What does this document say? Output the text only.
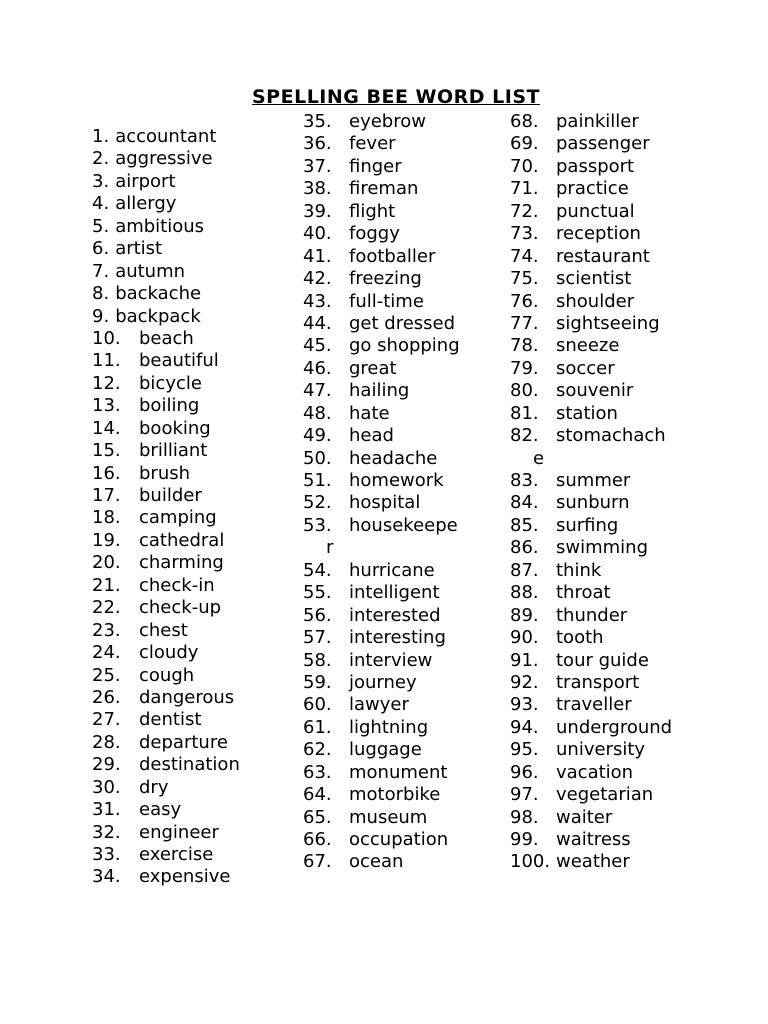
SPELLING BEE WORD LIST
1. accountant
2. aggressive
3. airport
4. allergy
5. ambitious
6. artist
7. autumn
8. backache
9. backpack
10. beach
11. beautiful
12. bicycle
13. boiling
14. booking
15. brilliant
16. brush
17. builder
18. camping
19. cathedral
20. charming
21. check-in
22. check-up
23. chest
24. cloudy
25. cough
26. dangerous
27. dentist
28. departure
29. destination
30. dry
31. easy
32. engineer
33. exercise
34. expensive
35. eyebrow
36. fever
37. finger
38. fireman
39. flight
40. foggy
41. footballer
42. freezing
43. full-time
44. get dressed
45. go shopping
46. great
47. hailing
48. hate
49. head
50. headache
51. homework
52. hospital
53. housekeepe
r
54. hurricane
55. intelligent
56. interested
57. interesting
58. interview
59. journey
60. lawyer
61. lightning
62. luggage
63. monument
64. motorbike
65. museum
66. occupation
67. ocean
68. painkiller
69. passenger
70. passport
71. practice
72. punctual
73. reception
74. restaurant
75. scientist
76. shoulder
77. sightseeing
78. sneeze
79. soccer
80. souvenir
81. station
82. stomachach
e
83. summer
84. sunburn
85. surfing
86. swimming
87. think
88. throat
89. thunder
90. tooth
91. tour guide
92. transport
93. traveller
94. underground
95. university
96. vacation
97. vegetarian
98. waiter
99. waitress
100. weather
